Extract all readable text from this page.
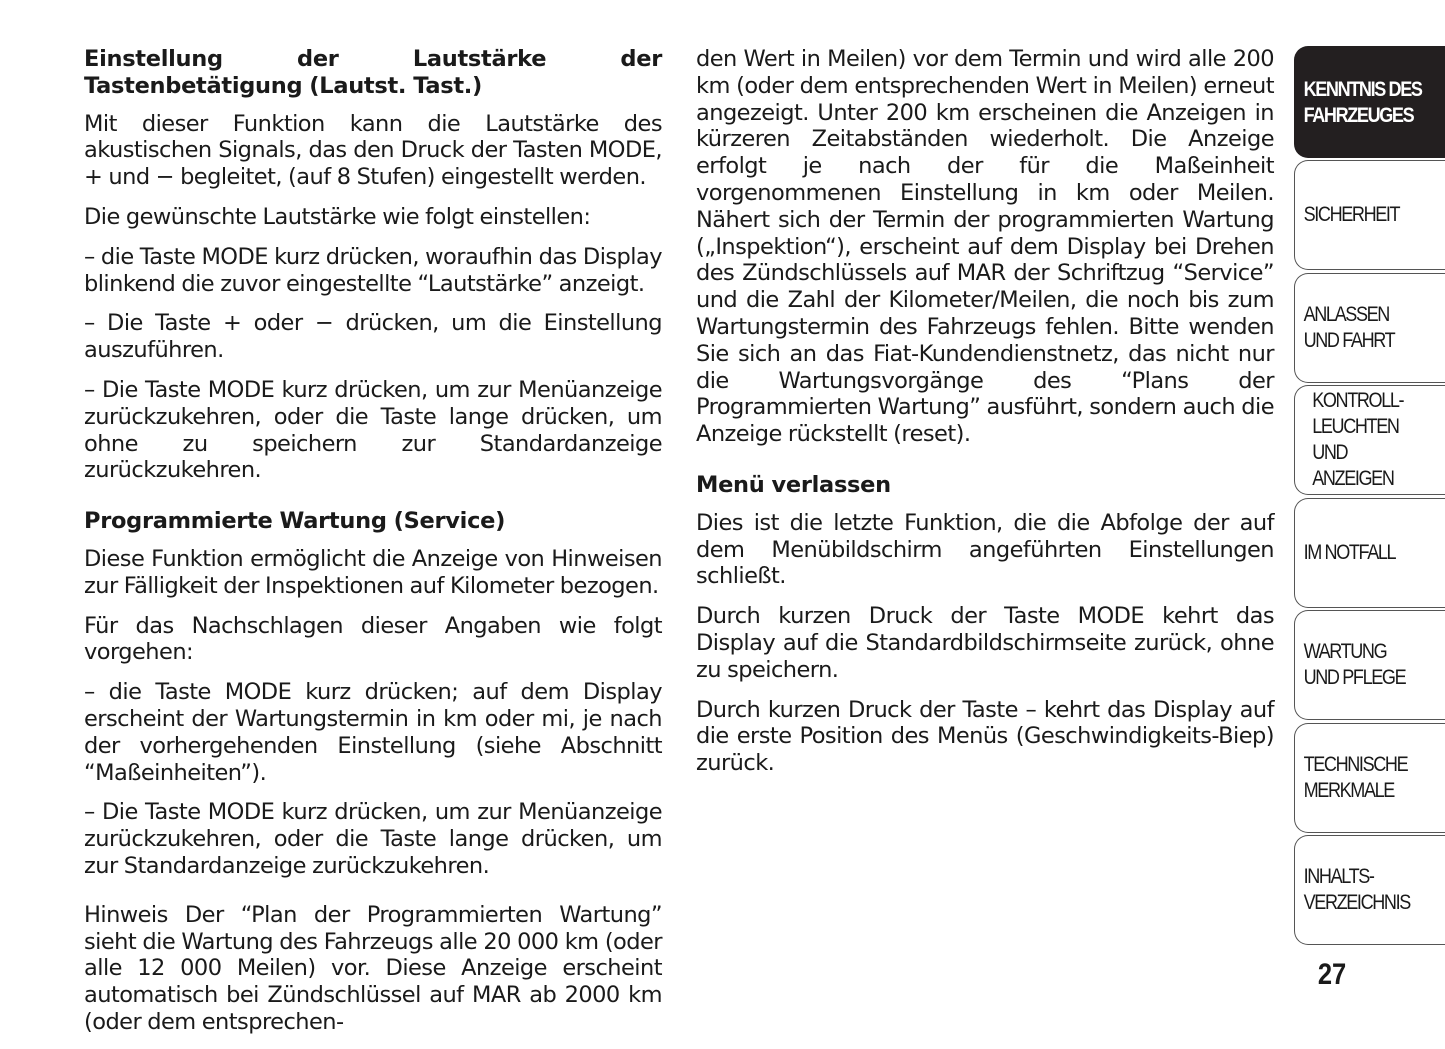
Einstellung der Lautstärke der Tastenbetätigung (Lautst. Tast.)

Mit dieser Funktion kann die Lautstärke des akustischen Signals, das den Druck der Tasten MODE, + und − begleitet, (auf 8 Stufen) eingestellt werden.

Die gewünschte Lautstärke wie folgt einstellen:

– die Taste MODE kurz drücken, woraufhin das Display blinkend die zuvor eingestellte “Lautstärke” anzeigt.

– Die Taste + oder − drücken, um die Einstellung auszuführen.

– Die Taste MODE kurz drücken, um zur Menüanzeige zurückzukehren, oder die Taste lange drücken, um ohne zu speichern zur Standardanzeige zurückzukehren.

Programmierte Wartung (Service)

Diese Funktion ermöglicht die Anzeige von Hinweisen zur Fälligkeit der Inspektionen auf Kilometer bezogen.

Für das Nachschlagen dieser Angaben wie folgt vorgehen:

– die Taste MODE kurz drücken; auf dem Display erscheint der Wartungstermin in km oder mi, je nach der vorhergehenden Einstellung (siehe Abschnitt “Maßeinheiten”).

– Die Taste MODE kurz drücken, um zur Menüanzeige zurückzukehren, oder die Taste lange drücken, um zur Standardanzeige zurückzukehren.

Hinweis Der “Plan der Programmierten Wartung” sieht die Wartung des Fahrzeugs alle 20 000 km (oder alle 12 000 Meilen) vor. Diese Anzeige erscheint automatisch bei Zündschlüssel auf MAR ab 2000 km (oder dem entsprechen-

den Wert in Meilen) vor dem Termin und wird alle 200 km (oder dem entsprechenden Wert in Meilen) erneut angezeigt. Unter 200 km erscheinen die Anzeigen in kürzeren Zeitabständen wiederholt. Die Anzeige erfolgt je nach der für die Maßeinheit vorgenommenen Einstellung in km oder Meilen. Nähert sich der Termin der programmierten Wartung („Inspektion“), erscheint auf dem Display bei Drehen des Zündschlüssels auf MAR der Schriftzug “Service” und die Zahl der Kilometer/Meilen, die noch bis zum Wartungstermin des Fahrzeugs fehlen. Bitte wenden Sie sich an das Fiat-Kundendienstnetz, das nicht nur die Wartungsvorgänge des “Plans der Programmierten Wartung” ausführt, sondern auch die Anzeige rückstellt (reset).

Menü verlassen

Dies ist die letzte Funktion, die die Abfolge der auf dem Menübildschirm angeführten Einstellungen schließt.

Durch kurzen Druck der Taste MODE kehrt das Display auf die Standardbildschirmseite zurück, ohne zu speichern.

Durch kurzen Druck der Taste – kehrt das Display auf die erste Position des Menüs (Geschwindigkeits-Biep) zurück.

KENNTNIS DES
FAHRZEUGES
SICHERHEIT
ANLASSEN
UND FAHRT
KONTROLL-
LEUCHTEN UND
ANZEIGEN
IM NOTFALL
WARTUNG
UND PFLEGE
TECHNISCHE
MERKMALE
INHALTS-
VERZEICHNIS
27
